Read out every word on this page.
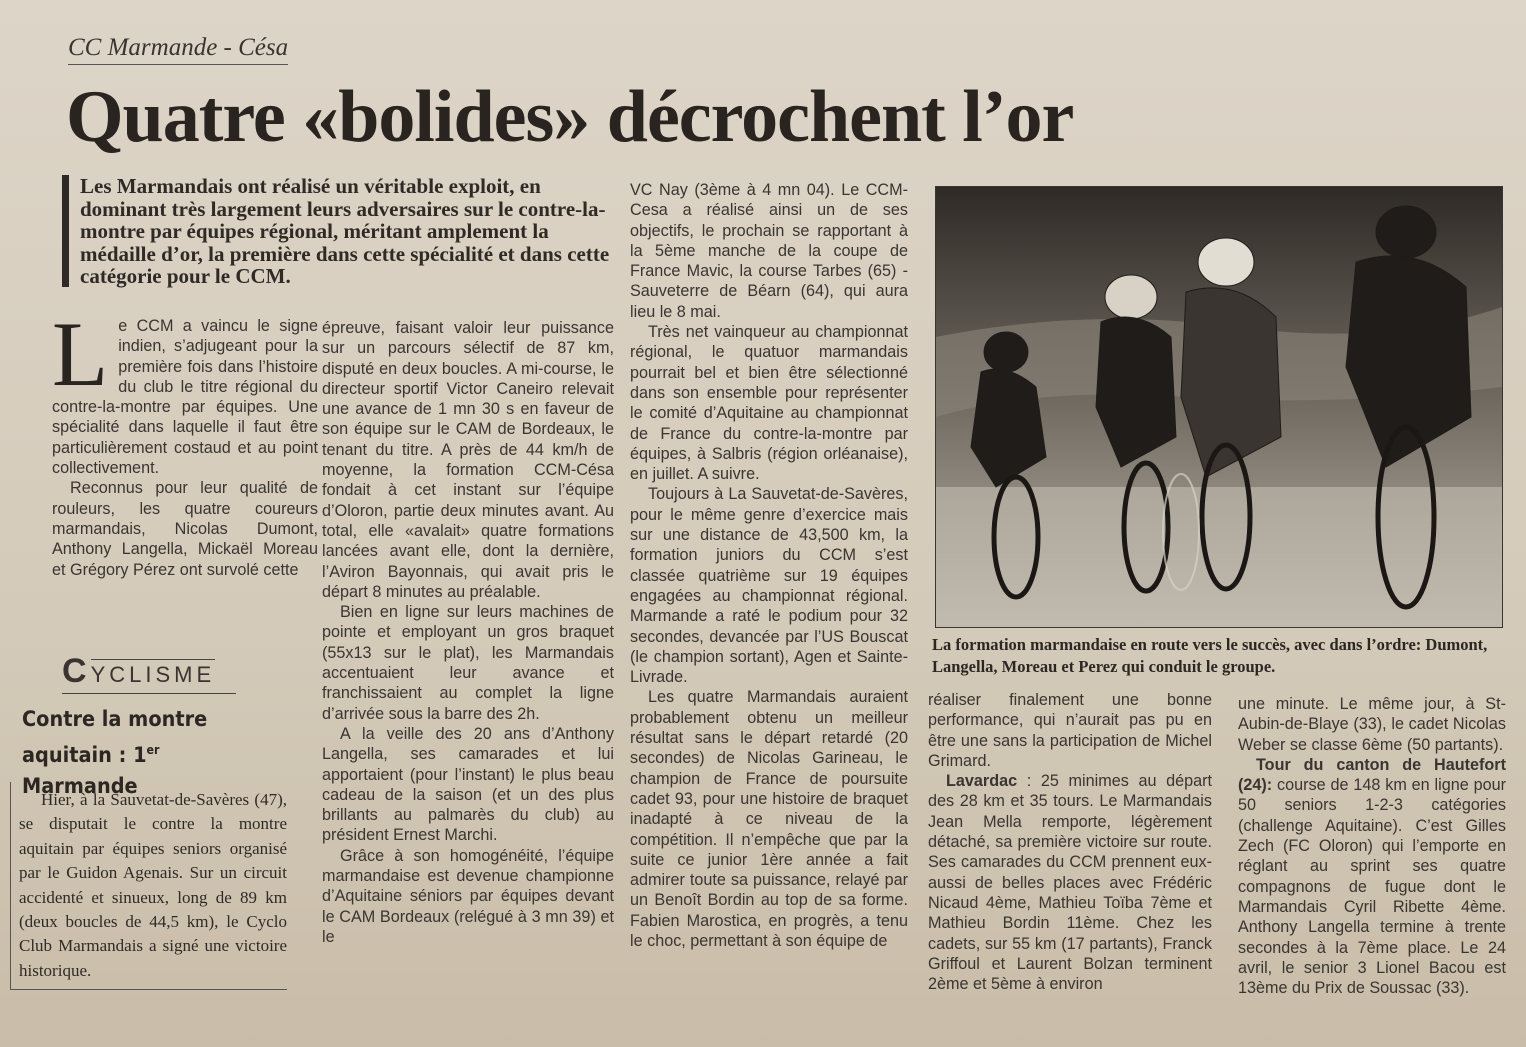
CC Marmande - Césa
Quatre «bolides» décrochent l’or
Les Marmandais ont réalisé un véritable exploit, en dominant très largement leurs adversaires sur le contre-la-montre par équipes régional, méritant amplement la médaille d’or, la première dans cette spécialité et dans cette catégorie pour le CCM.
L e CCM a vaincu le signe indien, s’adjugeant pour la première fois dans l’histoire du club le titre régional du contre-la-montre par équipes. Une spécialité dans laquelle il faut être particulièrement costaud et au point collectivement.

Reconnus pour leur qualité de rouleurs, les quatre coureurs marmandais, Nicolas Dumont, Anthony Langella, Mickaël Moreau et Grégory Pérez ont survolé cette

épreuve, faisant valoir leur puissance sur un parcours sélectif de 87 km, disputé en deux boucles. A mi-course, le directeur sportif Victor Caneiro relevait une avance de 1 mn 30 s en faveur de son équipe sur le CAM de Bordeaux, le tenant du titre. A près de 44 km/h de moyenne, la formation CCM-Césa fondait à cet instant sur l’équipe d’Oloron, partie deux minutes avant. Au total, elle «avalait» quatre formations lancées avant elle, dont la dernière, l’Aviron Bayonnais, qui avait pris le départ 8 minutes au préalable.

Bien en ligne sur leurs machines de pointe et employant un gros braquet (55x13 sur le plat), les Marmandais accentuaient leur avance et franchissaient au complet la ligne d’arrivée sous la barre des 2h.

A la veille des 20 ans d’Anthony Langella, ses camarades et lui apportaient (pour l’instant) le plus beau cadeau de la saison (et un des plus brillants au palmarès du club) au président Ernest Marchi.

Grâce à son homogénéité, l’équipe marmandaise est devenue championne d’Aquitaine séniors par équipes devant le CAM Bordeaux (relégué à 3 mn 39) et le

VC Nay (3ème à 4 mn 04). Le CCM-Cesa a réalisé ainsi un de ses objectifs, le prochain se rapportant à la 5ème manche de la coupe de France Mavic, la course Tarbes (65) - Sauveterre de Béarn (64), qui aura lieu le 8 mai.

Très net vainqueur au championnat régional, le quatuor marmandais pourrait bel et bien être sélectionné dans son ensemble pour représenter le comité d’Aquitaine au championnat de France du contre-la-montre par équipes, à Salbris (région orléanaise), en juillet. A suivre.

Toujours à La Sauvetat-de-Savères, pour le même genre d’exercice mais sur une distance de 43,500 km, la formation juniors du CCM s’est classée quatrième sur 19 équipes engagées au championnat régional. Marmande a raté le podium pour 32 secondes, devancée par l’US Bouscat (le champion sortant), Agen et Sainte-Livrade.

Les quatre Marmandais auraient probablement obtenu un meilleur résultat sans le départ retardé (20 secondes) de Nicolas Garineau, le champion de France de poursuite cadet 93, pour une histoire de braquet inadapté à ce niveau de la compétition. Il n’empêche que par la suite ce junior 1ère année a fait admirer toute sa puissance, relayé par un Benoît Bordin au top de sa forme. Fabien Marostica, en progrès, a tenu le choc, permettant à son équipe de

La formation marmandaise en route vers le succès, avec dans l’ordre: Dumont, Langella, Moreau et Perez qui conduit le groupe.

réaliser finalement une bonne performance, qui n’aurait pas pu en être une sans la participation de Michel Grimard.

Lavardac : 25 minimes au départ des 28 km et 35 tours. Le Marmandais Jean Mella remporte, légèrement détaché, sa première victoire sur route. Ses camarades du CCM prennent eux-aussi de belles places avec Frédéric Nicaud 4ème, Mathieu Toïba 7ème et Mathieu Bordin 11ème. Chez les cadets, sur 55 km (17 partants), Franck Griffoul et Laurent Bolzan terminent 2ème et 5ème à environ

une minute. Le même jour, à St-Aubin-de-Blaye (33), le cadet Nicolas Weber se classe 6ème (50 partants).

Tour du canton de Hautefort (24): course de 148 km en ligne pour 50 seniors 1-2-3 catégories (challenge Aquitaine). C’est Gilles Zech (FC Oloron) qui l’emporte en réglant au sprint ses quatre compagnons de fugue dont le Marmandais Cyril Ribette 4ème. Anthony Langella termine à trente secondes à la 7ème place. Le 24 avril, le senior 3 Lionel Bacou est 13ème du Prix de Soussac (33).

C YCLISME
Contre la montre
aquitain : 1er Marmande

Hier, à la Sauvetat-de-Savères (47), se disputait le contre la montre aquitain par équipes seniors organisé par le Guidon Agenais. Sur un circuit accidenté et sinueux, long de 89 km (deux boucles de 44,5 km), le Cyclo Club Marmandais a signé une victoire historique.
